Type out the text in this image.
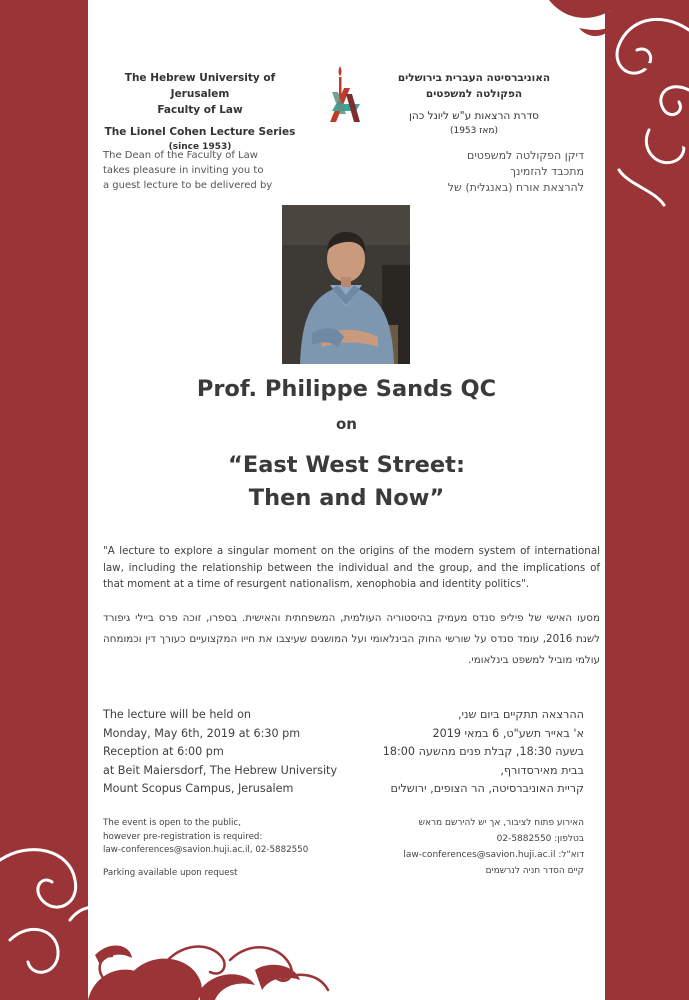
The Hebrew University of Jerusalem
Faculty of Law
The Lionel Cohen Lecture Series
(since 1953)
האוניברסיטה העברית בירושלים
הפקולטה למשפטים
סדרת הרצאות ע"ש ליונל כהן
(מאז 1953)
The Dean of the Faculty of Law
takes pleasure in inviting you to
a guest lecture to be delivered by
דיקן הפקולטה למשפטים
מתכבד להזמינך
להרצאת אורח (באנגלית) של
Prof. Philippe Sands QC
on
“East West Street:
Then and Now”
"A lecture to explore a singular moment on the origins of the modern system of international law, including the relationship between the individual and the group, and the implications of that moment at a time of resurgent nationalism, xenophobia and identity politics".
מסעו האישי של פיליפ סנדס מעמיק בהיסטוריה העולמית, המשפחתית והאישית. בספרו, זוכה פרס ביילי גיפורד לשנת 2016, עומד סנדס על שורשי החוק הבינלאומי ועל המושגים שעיצבו את חייו המקצועיים כעורך דין וכמומחה עולמי מוביל למשפט בינלאומי.
The lecture will be held on
Monday, May 6th, 2019 at 6:30 pm
Reception at 6:00 pm
at Beit Maiersdorf, The Hebrew University
Mount Scopus Campus, Jerusalem
ההרצאה תתקיים ביום שני,
א' באייר תשע"ט, 6 במאי 2019
בשעה 18:30, קבלת פנים מהשעה 18:00
בבית מאירסדורף,
קריית האוניברסיטה, הר הצופים, ירושלים
The event is open to the public,
however pre-registration is required:
law-conferences@savion.huji.ac.il, 02-5882550
האירוע פתוח לציבור, אך יש להירשם מראש
בטלפון: 02-5882550
דוא"ל: law-conferences@savion.huji.ac.il
Parking available upon request	קיים הסדר חניה לנרשמים
